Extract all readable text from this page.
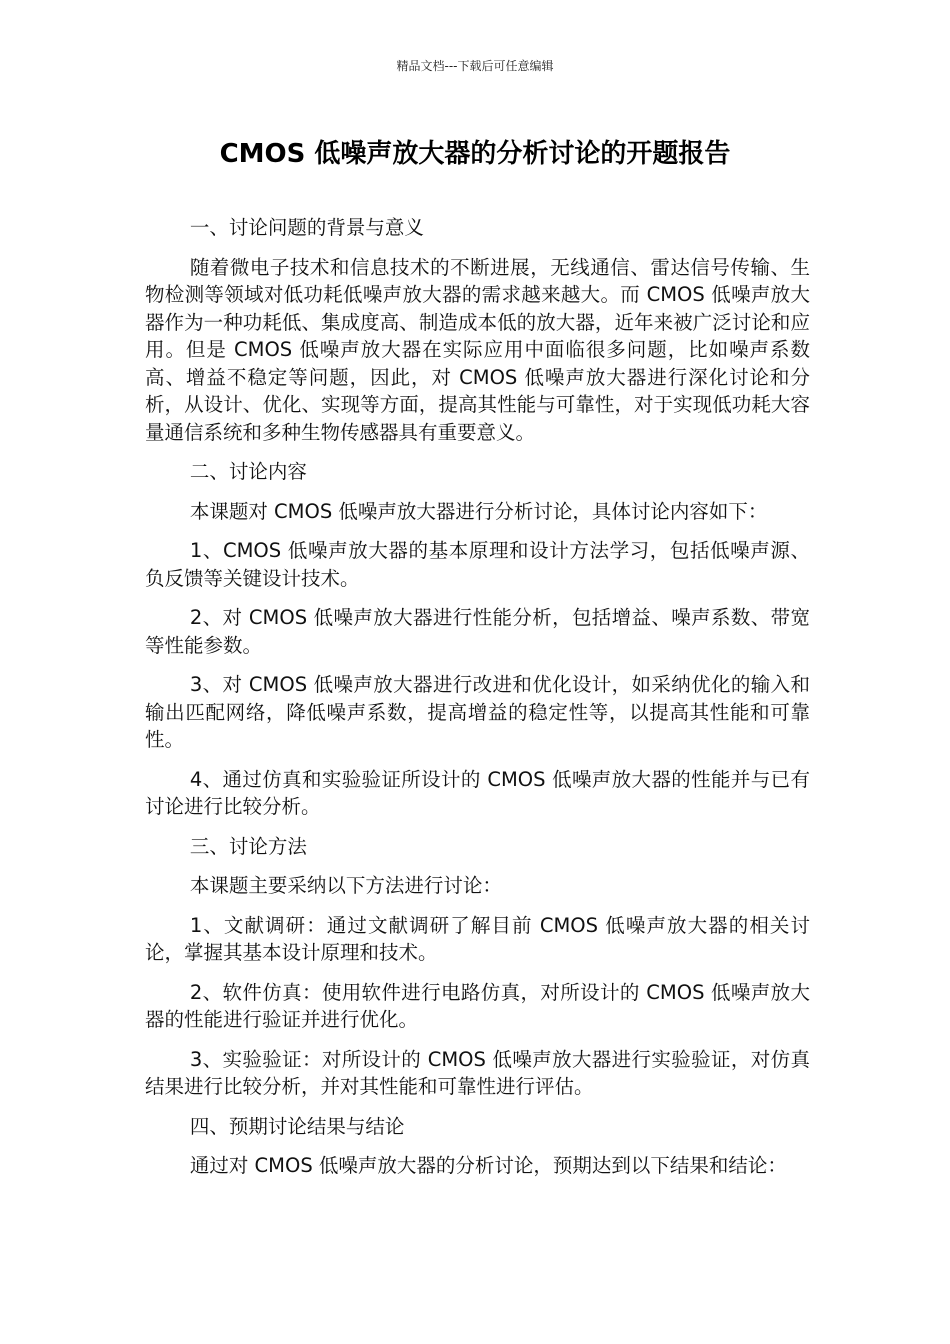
精品文档---下载后可任意编辑
CMOS 低噪声放大器的分析讨论的开题报告

一、讨论问题的背景与意义

随着微电子技术和信息技术的不断进展，无线通信、雷达信号传输、生物检测等领域对低功耗低噪声放大器的需求越来越大。而 CMOS 低噪声放大器作为一种功耗低、集成度高、制造成本低的放大器，近年来被广泛讨论和应用。但是 CMOS 低噪声放大器在实际应用中面临很多问题，比如噪声系数高、增益不稳定等问题，因此，对 CMOS 低噪声放大器进行深化讨论和分析，从设计、优化、实现等方面，提高其性能与可靠性，对于实现低功耗大容量通信系统和多种生物传感器具有重要意义。

二、讨论内容

本课题对 CMOS 低噪声放大器进行分析讨论，具体讨论内容如下：

1、CMOS 低噪声放大器的基本原理和设计方法学习，包括低噪声源、负反馈等关键设计技术。

2、对 CMOS 低噪声放大器进行性能分析，包括增益、噪声系数、带宽等性能参数。

3、对 CMOS 低噪声放大器进行改进和优化设计，如采纳优化的输入和输出匹配网络，降低噪声系数，提高增益的稳定性等，以提高其性能和可靠性。

4、通过仿真和实验验证所设计的 CMOS 低噪声放大器的性能并与已有讨论进行比较分析。

三、讨论方法

本课题主要采纳以下方法进行讨论：

1、文献调研：通过文献调研了解目前 CMOS 低噪声放大器的相关讨论，掌握其基本设计原理和技术。

2、软件仿真：使用软件进行电路仿真，对所设计的 CMOS 低噪声放大器的性能进行验证并进行优化。

3、实验验证：对所设计的 CMOS 低噪声放大器进行实验验证，对仿真结果进行比较分析，并对其性能和可靠性进行评估。

四、预期讨论结果与结论

通过对 CMOS 低噪声放大器的分析讨论，预期达到以下结果和结论：
